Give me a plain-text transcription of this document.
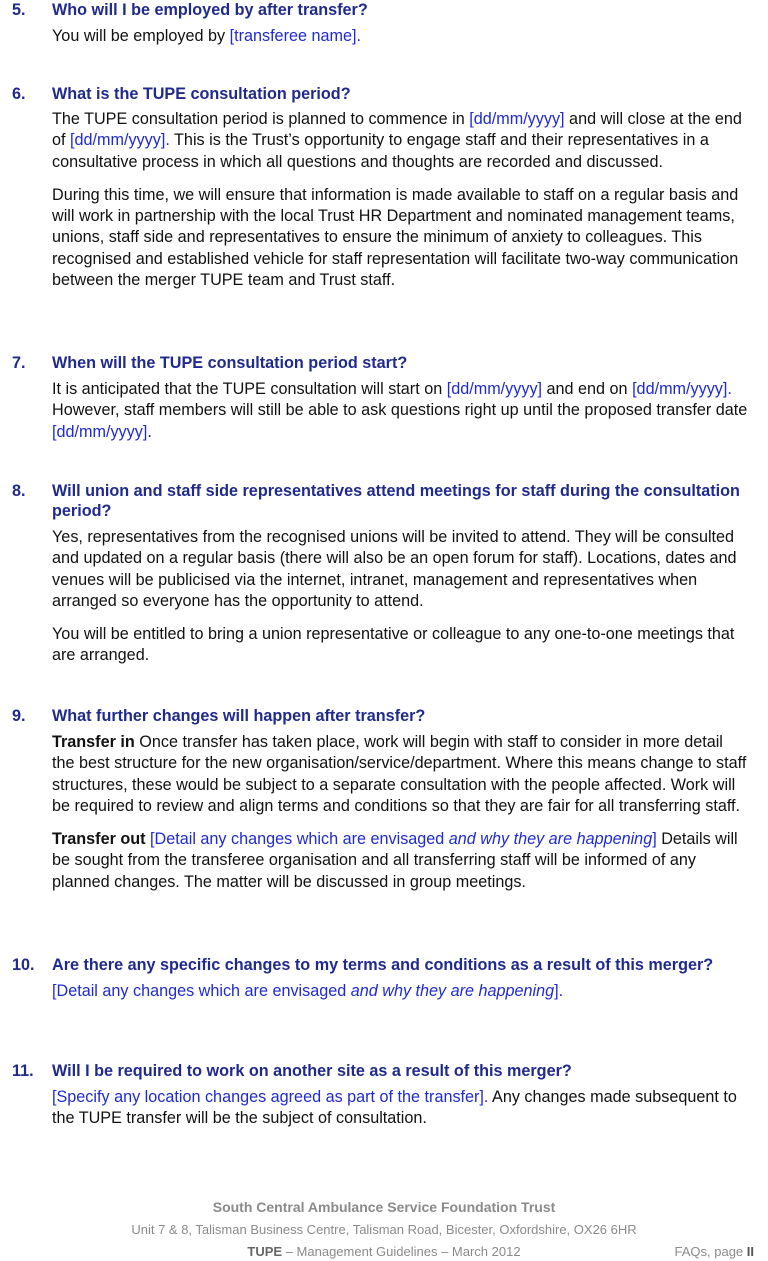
5.	Who will I be employed by after transfer?

You will be employed by [transferee name].

6.	What is the TUPE consultation period?

The TUPE consultation period is planned to commence in [dd/mm/yyyy] and will close at the end of [dd/mm/yyyy]. This is the Trust’s opportunity to engage staff and their representatives in a consultative process in which all questions and thoughts are recorded and discussed.

During this time, we will ensure that information is made available to staff on a regular basis and will work in partnership with the local Trust HR Department and nominated management teams, unions, staff side and representatives to ensure the minimum of anxiety to colleagues. This recognised and established vehicle for staff representation will facilitate two-way communication between the merger TUPE team and Trust staff.

7.	When will the TUPE consultation period start?

It is anticipated that the TUPE consultation will start on [dd/mm/yyyy] and end on [dd/mm/yyyy]. However, staff members will still be able to ask questions right up until the proposed transfer date [dd/mm/yyyy].

8.	Will union and staff side representatives attend meetings for staff during the consultation period?

Yes, representatives from the recognised unions will be invited to attend. They will be consulted and updated on a regular basis (there will also be an open forum for staff). Locations, dates and venues will be publicised via the internet, intranet, management and representatives when arranged so everyone has the opportunity to attend.

You will be entitled to bring a union representative or colleague to any one-to-one meetings that are arranged.

9.	What further changes will happen after transfer?

Transfer in Once transfer has taken place, work will begin with staff to consider in more detail the best structure for the new organisation/service/department. Where this means change to staff structures, these would be subject to a separate consultation with the people affected. Work will be required to review and align terms and conditions so that they are fair for all transferring staff.

Transfer out [Detail any changes which are envisaged and why they are happening] Details will be sought from the transferee organisation and all transferring staff will be informed of any planned changes. The matter will be discussed in group meetings.

10.	Are there any specific changes to my terms and conditions as a result of this merger?

[Detail any changes which are envisaged and why they are happening].

11.	Will I be required to work on another site as a result of this merger?

[Specify any location changes agreed as part of the transfer]. Any changes made subsequent to the TUPE transfer will be the subject of consultation.

South Central Ambulance Service Foundation Trust
Unit 7 & 8, Talisman Business Centre, Talisman Road, Bicester, Oxfordshire, OX26 6HR
TUPE – Management Guidelines – March 2012	FAQs, page II
